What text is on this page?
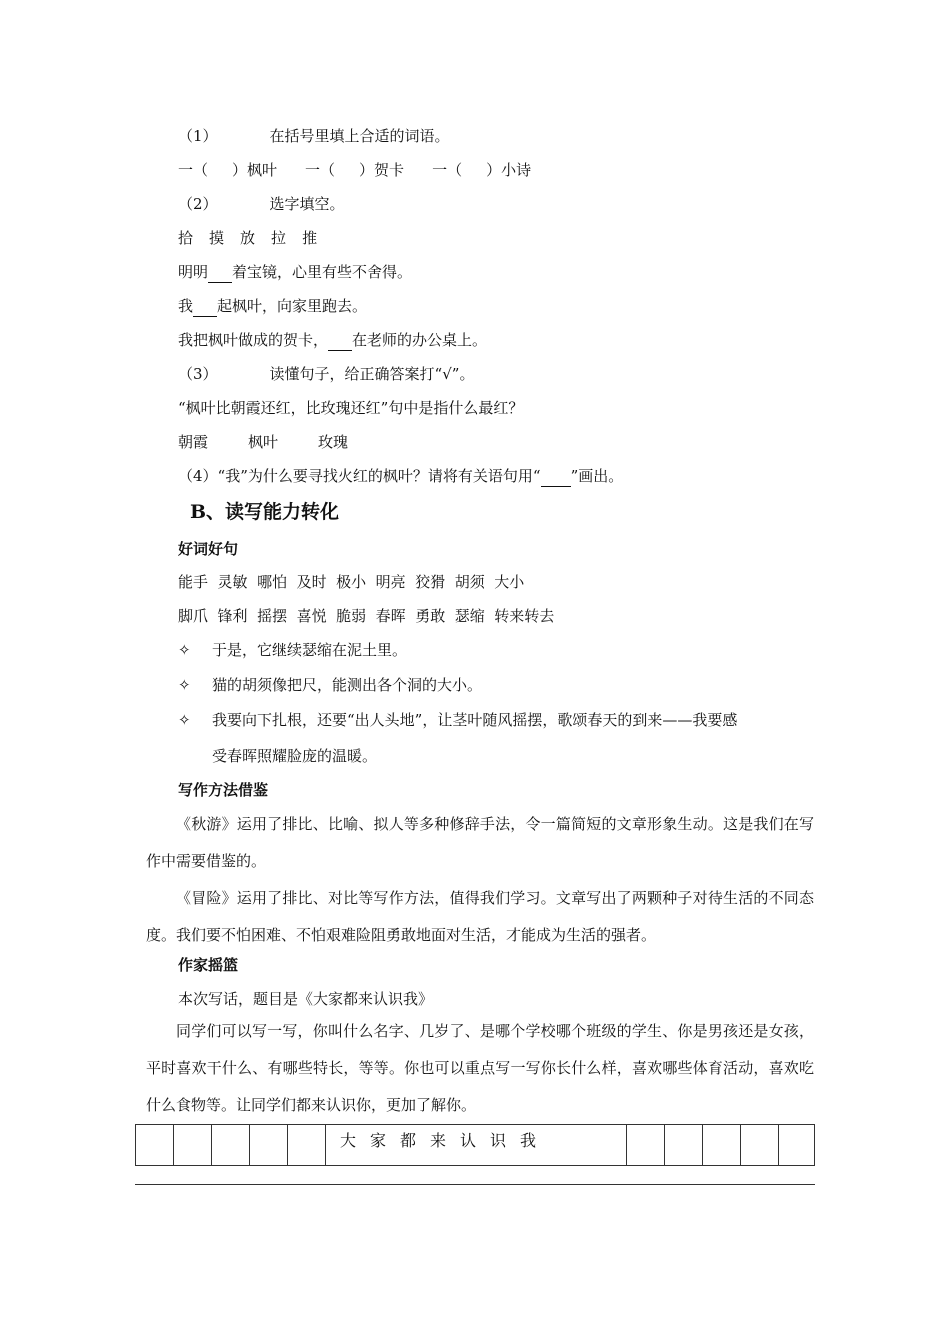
（1）	在括号里填上合适的词语。
一（ ）枫叶 一（ ）贺卡 一（ ）小诗
（2）	选字填空。
拾 摸 放 拉 推
明明 着宝镜，心里有些不舍得。
我 起枫叶，向家里跑去。
我把枫叶做成的贺卡， 在老师的办公桌上。
（3）	读懂句子，给正确答案打“√”。
“枫叶比朝霞还红，比玫瑰还红”句中是指什么最红？
朝霞	枫叶	玫瑰
（4）“我”为什么要寻找火红的枫叶？请将有关语句用“ ”画出。
B、读写能力转化
好词好句
能手  灵敏  哪怕  及时  极小  明亮  狡猾  胡须  大小
脚爪  锋利  摇摆  喜悦  脆弱  春晖  勇敢  瑟缩  转来转去
✧ 于是，它继续瑟缩在泥土里。
✧ 猫的胡须像把尺，能测出各个洞的大小。
✧ 我要向下扎根，还要“出人头地”，让茎叶随风摇摆，歌颂春天的到来——我要感
受春晖照耀脸庞的温暖。
写作方法借鉴
《秋游》运用了排比、比喻、拟人等多种修辞手法，令一篇简短的文章形象生动。这是我们在写作中需要借鉴的。
《冒险》运用了排比、对比等写作方法，值得我们学习。文章写出了两颗种子对待生活的不同态度。我们要不怕困难、不怕艰难险阻勇敢地面对生活，才能成为生活的强者。
作家摇篮
本次写话，题目是《大家都来认识我》
同学们可以写一写，你叫什么名字、几岁了、是哪个学校哪个班级的学生、你是男孩还是女孩，平时喜欢干什么、有哪些特长，等等。你也可以重点写一写你长什么样，喜欢哪些体育活动，喜欢吃什么食物等。让同学们都来认识你，更加了解你。
大家都来认识我
